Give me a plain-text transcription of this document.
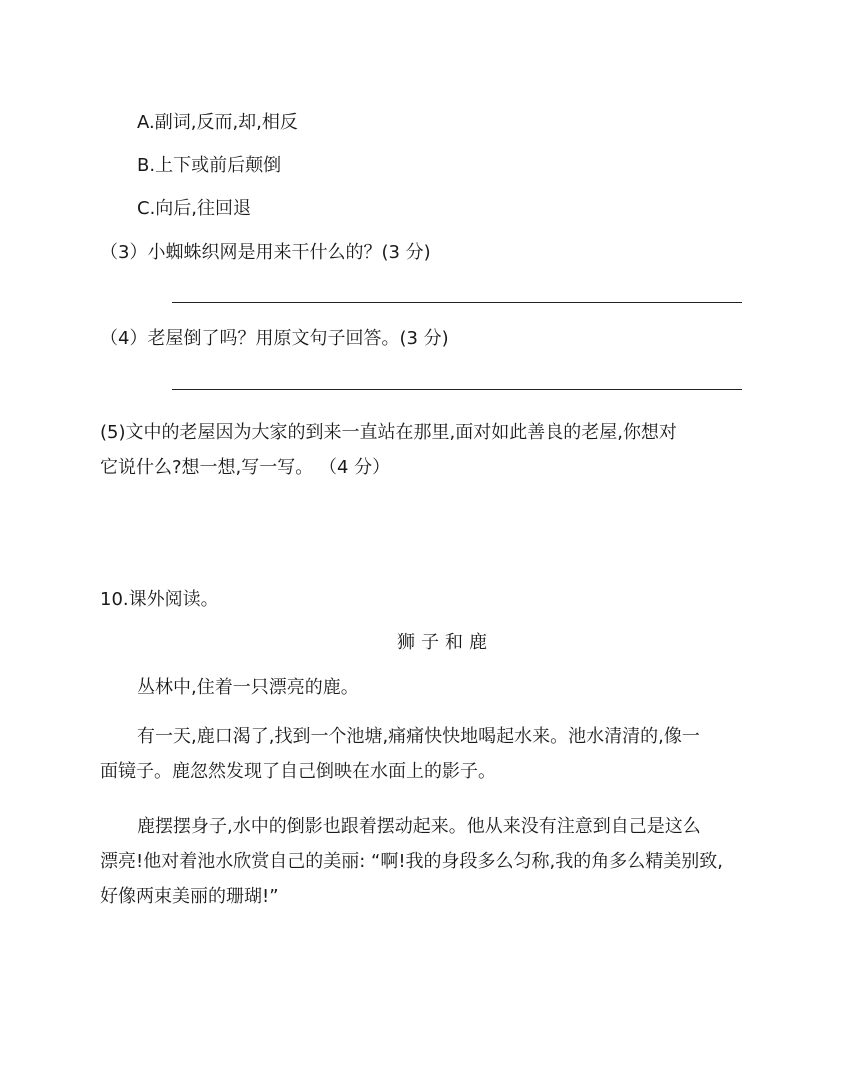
A.副词,反而,却,相反
B.上下或前后颠倒
C.向后,往回退
（3）小蜘蛛织网是用来干什么的？(3 分)
（4）老屋倒了吗？用原文句子回答。(3 分)
(5)文中的老屋因为大家的到来一直站在那里,面对如此善良的老屋,你想对
它说什么?想一想,写一写。 （4 分）
10.课外阅读。
狮子和鹿
丛林中,住着一只漂亮的鹿。
有一天,鹿口渴了,找到一个池塘,痛痛快快地喝起水来。池水清清的,像一
面镜子。鹿忽然发现了自己倒映在水面上的影子。
鹿摆摆身子,水中的倒影也跟着摆动起来。他从来没有注意到自己是这么
漂亮!他对着池水欣赏自己的美丽: “啊!我的身段多么匀称,我的角多么精美别致,
好像两束美丽的珊瑚!”
